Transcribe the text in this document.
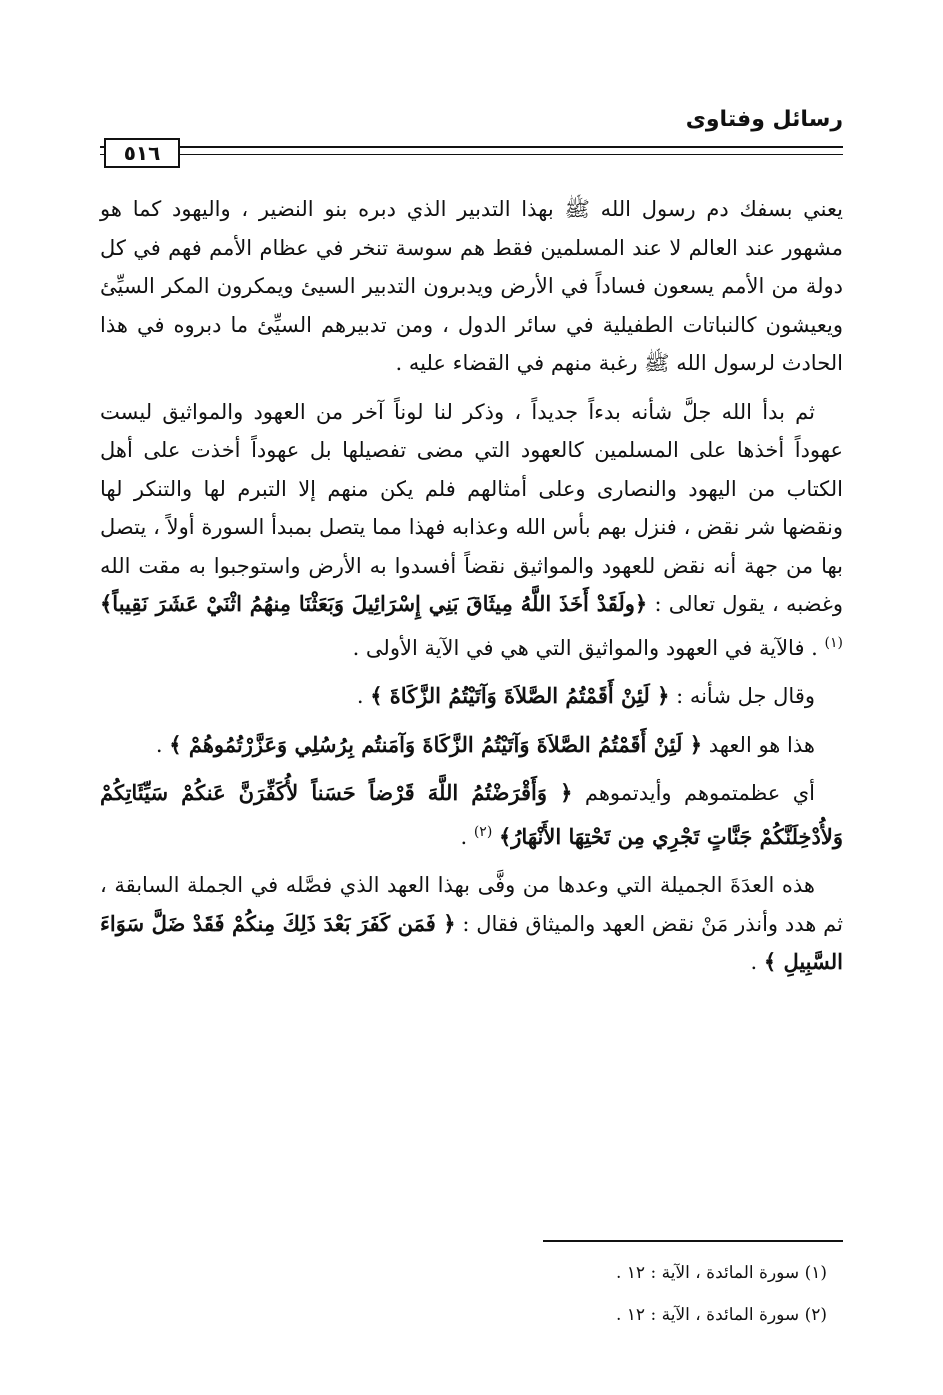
رسائل وفتاوى
٥١٦

يعني بسفك دم رسول الله ﷺ بهذا التدبير الذي دبره بنو النضير ، واليهود كما هو مشهور عند العالم لا عند المسلمين فقط هم سوسة تنخر في عظام الأمم فهم في كل دولة من الأمم يسعون فساداً في الأرض ويدبرون التدبير السيئ ويمكرون المكر السيِّئ ويعيشون كالنباتات الطفيلية في سائر الدول ، ومن تدبيرهم السيِّئ ما دبروه في هذا الحادث لرسول الله ﷺ رغبة منهم في القضاء عليه .

ثم بدأ الله جلَّ شأنه بدءاً جديداً ، وذكر لنا لوناً آخر من العهود والمواثيق ليست عهوداً أخذها على المسلمين كالعهود التي مضى تفصيلها بل عهوداً أخذت على أهل الكتاب من اليهود والنصارى وعلى أمثالهم فلم يكن منهم إلا التبرم لها والتنكر لها ونقضها شر نقض ، فنزل بهم بأس الله وعذابه فهذا مما يتصل بمبدأ السورة أولاً ، يتصل بها من جهة أنه نقض للعهود والمواثيق نقضاً أفسدوا به الأرض واستوجبوا به مقت الله وغضبه ، يقول تعالى : ﴿ولَقَدْ أَخَذَ اللَّهُ مِيثَاقَ بَنِي إِسْرَائِيلَ وَبَعَثْنَا مِنهُمُ اثْنَيْ عَشَرَ نَقِيباً﴾ $^{(١)}$ . فالآية في العهود والمواثيق التي هي في الآية الأولى .

وقال جل شأنه : ﴿ لَئِنْ أَقَمْتُمُ الصَّلاَةَ وَآتَيْتُمُ الزَّكَاةَ ﴾ .

هذا هو العهد ﴿ لَئِنْ أَقَمْتُمُ الصَّلاَةَ وَآتَيْتُمُ الزَّكَاةَ وَآمَنتُم بِرُسُلِي وَعَزَّرْتُمُوهُمْ ﴾ .

أي عظمتموهم وأيدتموهم ﴿ وَأَقْرَضْتُمُ اللَّهَ قَرْضاً حَسَناً لأُكَفِّرَنَّ عَنكُمْ سَيِّئَاتِكُمْ وَلأُدْخِلَنَّكُمْ جَنَّاتٍ تَجْرِي مِن تَحْتِهَا الأَنْهَارُ﴾ $^{(٢)}$ .

هذه العدَةَ الجميلة التي وعدها من وفَّى بهذا العهد الذي فصَّله في الجملة السابقة ، ثم هدد وأنذر مَنْ نقض العهد والميثاق فقال : ﴿ فَمَن كَفَرَ بَعْدَ ذَلِكَ مِنكُمْ فَقَدْ ضَلَّ سَوَاءَ السَّبِيلِ ﴾ .

(١) سورة المائدة ، الآية : ١٢ .
(٢) سورة المائدة ، الآية : ١٢ .
